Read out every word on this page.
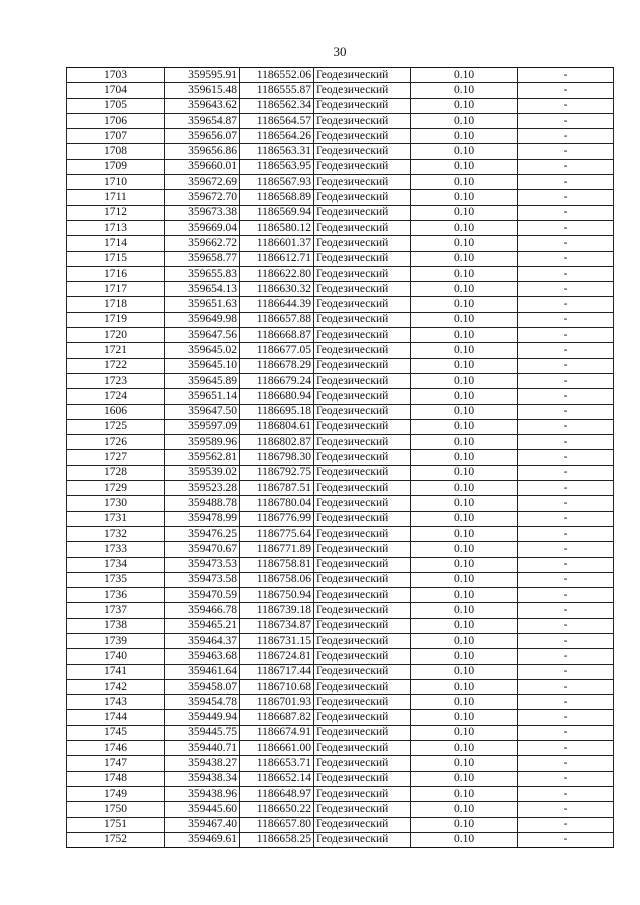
30
1703	359595.91	1186552.06	Геодезический	0.10	-
1704	359615.48	1186555.87	Геодезический	0.10	-
1705	359643.62	1186562.34	Геодезический	0.10	-
1706	359654.87	1186564.57	Геодезический	0.10	-
1707	359656.07	1186564.26	Геодезический	0.10	-
1708	359656.86	1186563.31	Геодезический	0.10	-
1709	359660.01	1186563.95	Геодезический	0.10	-
1710	359672.69	1186567.93	Геодезический	0.10	-
1711	359672.70	1186568.89	Геодезический	0.10	-
1712	359673.38	1186569.94	Геодезический	0.10	-
1713	359669.04	1186580.12	Геодезический	0.10	-
1714	359662.72	1186601.37	Геодезический	0.10	-
1715	359658.77	1186612.71	Геодезический	0.10	-
1716	359655.83	1186622.80	Геодезический	0.10	-
1717	359654.13	1186630.32	Геодезический	0.10	-
1718	359651.63	1186644.39	Геодезический	0.10	-
1719	359649.98	1186657.88	Геодезический	0.10	-
1720	359647.56	1186668.87	Геодезический	0.10	-
1721	359645.02	1186677.05	Геодезический	0.10	-
1722	359645.10	1186678.29	Геодезический	0.10	-
1723	359645.89	1186679.24	Геодезический	0.10	-
1724	359651.14	1186680.94	Геодезический	0.10	-
1606	359647.50	1186695.18	Геодезический	0.10	-
1725	359597.09	1186804.61	Геодезический	0.10	-
1726	359589.96	1186802.87	Геодезический	0.10	-
1727	359562.81	1186798.30	Геодезический	0.10	-
1728	359539.02	1186792.75	Геодезический	0.10	-
1729	359523.28	1186787.51	Геодезический	0.10	-
1730	359488.78	1186780.04	Геодезический	0.10	-
1731	359478.99	1186776.99	Геодезический	0.10	-
1732	359476.25	1186775.64	Геодезический	0.10	-
1733	359470.67	1186771.89	Геодезический	0.10	-
1734	359473.53	1186758.81	Геодезический	0.10	-
1735	359473.58	1186758.06	Геодезический	0.10	-
1736	359470.59	1186750.94	Геодезический	0.10	-
1737	359466.78	1186739.18	Геодезический	0.10	-
1738	359465.21	1186734.87	Геодезический	0.10	-
1739	359464.37	1186731.15	Геодезический	0.10	-
1740	359463.68	1186724.81	Геодезический	0.10	-
1741	359461.64	1186717.44	Геодезический	0.10	-
1742	359458.07	1186710.68	Геодезический	0.10	-
1743	359454.78	1186701.93	Геодезический	0.10	-
1744	359449.94	1186687.82	Геодезический	0.10	-
1745	359445.75	1186674.91	Геодезический	0.10	-
1746	359440.71	1186661.00	Геодезический	0.10	-
1747	359438.27	1186653.71	Геодезический	0.10	-
1748	359438.34	1186652.14	Геодезический	0.10	-
1749	359438.96	1186648.97	Геодезический	0.10	-
1750	359445.60	1186650.22	Геодезический	0.10	-
1751	359467.40	1186657.80	Геодезический	0.10	-
1752	359469.61	1186658.25	Геодезический	0.10	-
